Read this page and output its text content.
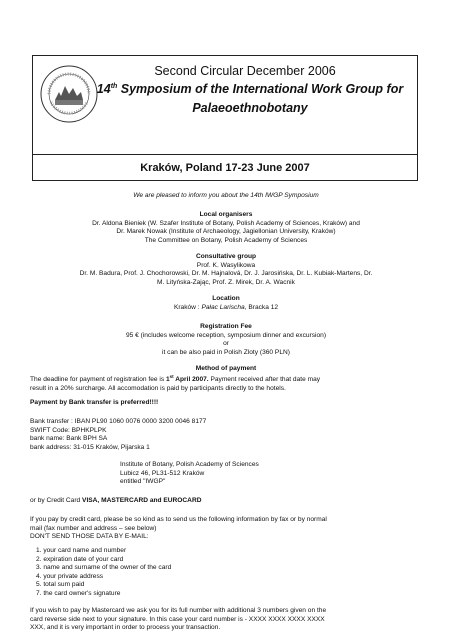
Second Circular December 2006
14th Symposium of the International Work Group for
Palaeoethnobotany
Kraków, Poland 17-23 June 2007
We are pleased to inform you about the 14th IWGP Symposium
Local organisers
Dr. Aldona Bieniek (W. Szafer Institute of Botany, Polish Academy of Sciences, Kraków) and
Dr. Marek Nowak (Institute of Archaeology, Jagiellonian University, Kraków)
The Committee on Botany, Polish Academy of Sciences
Consultative group
Prof. K. Wasylikowa
Dr. M. Badura, Prof. J. Chochorowski, Dr. M. Hajnalová, Dr. J. Jarosińska, Dr. L. Kubiak-Martens, Dr.
M. Lityńska-Zając, Prof. Z. Mirek, Dr. A. Wacnik
Location
Kraków : Pałac Larischa, Bracka 12
Registration Fee
95 € (includes welcome reception, symposium dinner and excursion)
or
it can be also paid in Polish Zloty (360 PLN)
Method of payment
The deadline for payment of registration fee is 1st April 2007. Payment received after that date may
result in a 20% surcharge. All accomodation is paid by participants directly to the hotels.
Payment by Bank transfer is preferred!!!!
Bank transfer : IBAN PL90 1060 0076 0000 3200 0046 8177
SWIFT Code: BPHKPLPK
bank name: Bank BPH SA
bank address: 31-015 Kraków, Pijarska 1
Institute of Botany, Polish Academy of Sciences
Lubicz 46, PL31-512 Kraków
entitled "IWGP"
or by Credit Card VISA, MASTERCARD and EUROCARD
If you pay by credit card, please be so kind as to send us the following information by fax or by normal
mail (fax number and address – see below)
DON'T SEND THOSE DATA BY E-MAIL:
1. your card name and number
2. expiration date of your card
3. name and surname of the owner of the card
4. your private address
5. total sum paid
7. the card owner's signature
If you wish to pay by Mastercard we ask you for its full number with additional 3 numbers given on the
card reverse side next to your signature. In this case your card number is - XXXX XXXX XXXX XXXX
XXX, and it is very important in order to process your transaction.
